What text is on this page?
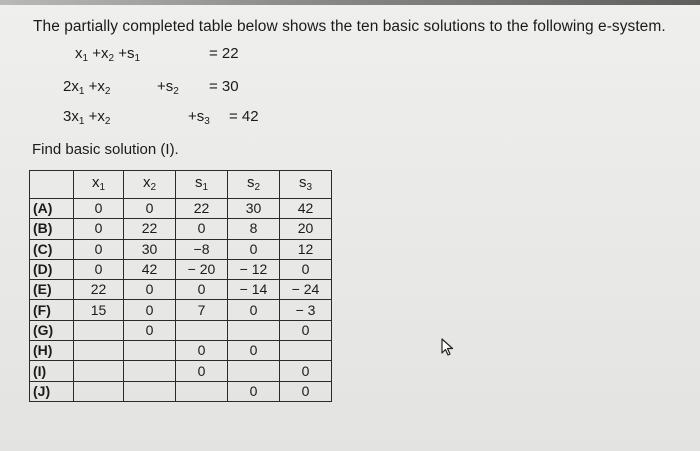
The partially completed table below shows the ten basic solutions to the following e-system.
$x_1 +x_2 +s_1$	= 22
$2x_1 +x_2$	$+s_2 = 30$
$3x_1 +x_2$	$+s_3 = 42$
Find basic solution (I).
	$x_1$	$x_2$	$s_1$	$s_2$	$s_3$
(A)	0	0	22	30	42
(B)	0	22	0	8	20
(C)	0	30	−8	0	12
(D)	0	42	− 20	− 12	0
(E)	22	0	0	− 14	− 24
(F)	15	0	7	0	− 3
(G)		0			0
(H)			0	0	
(I)			0		0
(J)				0	0
